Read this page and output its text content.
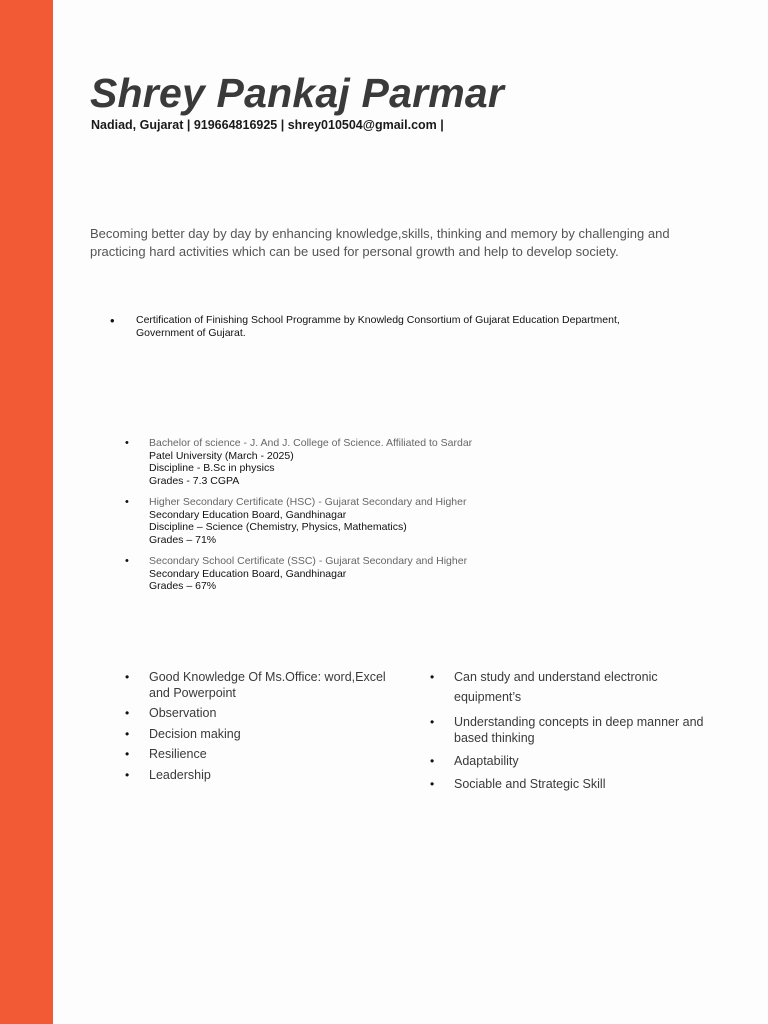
Shrey Pankaj Parmar
Nadiad, Gujarat | 919664816925 | shrey010504@gmail.com |
Becoming better day by day by enhancing knowledge,skills, thinking and memory by challenging and practicing hard activities which can be used for personal growth and help to develop society.
• Certification of Finishing School Programme by Knowledg Consortium of Gujarat Education Department,
Government of Gujarat.
• Bachelor of science - J. And J. College of Science. Affiliated to Sardar
Patel University (March - 2025)
Discipline - B.Sc in physics
Grades - 7.3 CGPA
• Higher Secondary Certificate (HSC) - Gujarat Secondary and Higher
Secondary Education Board, Gandhinagar
Discipline – Science (Chemistry, Physics, Mathematics)
Grades – 71%
• Secondary School Certificate (SSC) - Gujarat Secondary and Higher
Secondary Education Board, Gandhinagar
Grades – 67%
• Good Knowledge Of Ms.Office: word,Excel and Powerpoint
• Observation
• Decision making
• Resilience
• Leadership
• Can study and understand electronic equipment’s
• Understanding concepts in deep manner and based thinking
• Adaptability
• Sociable and Strategic Skill
